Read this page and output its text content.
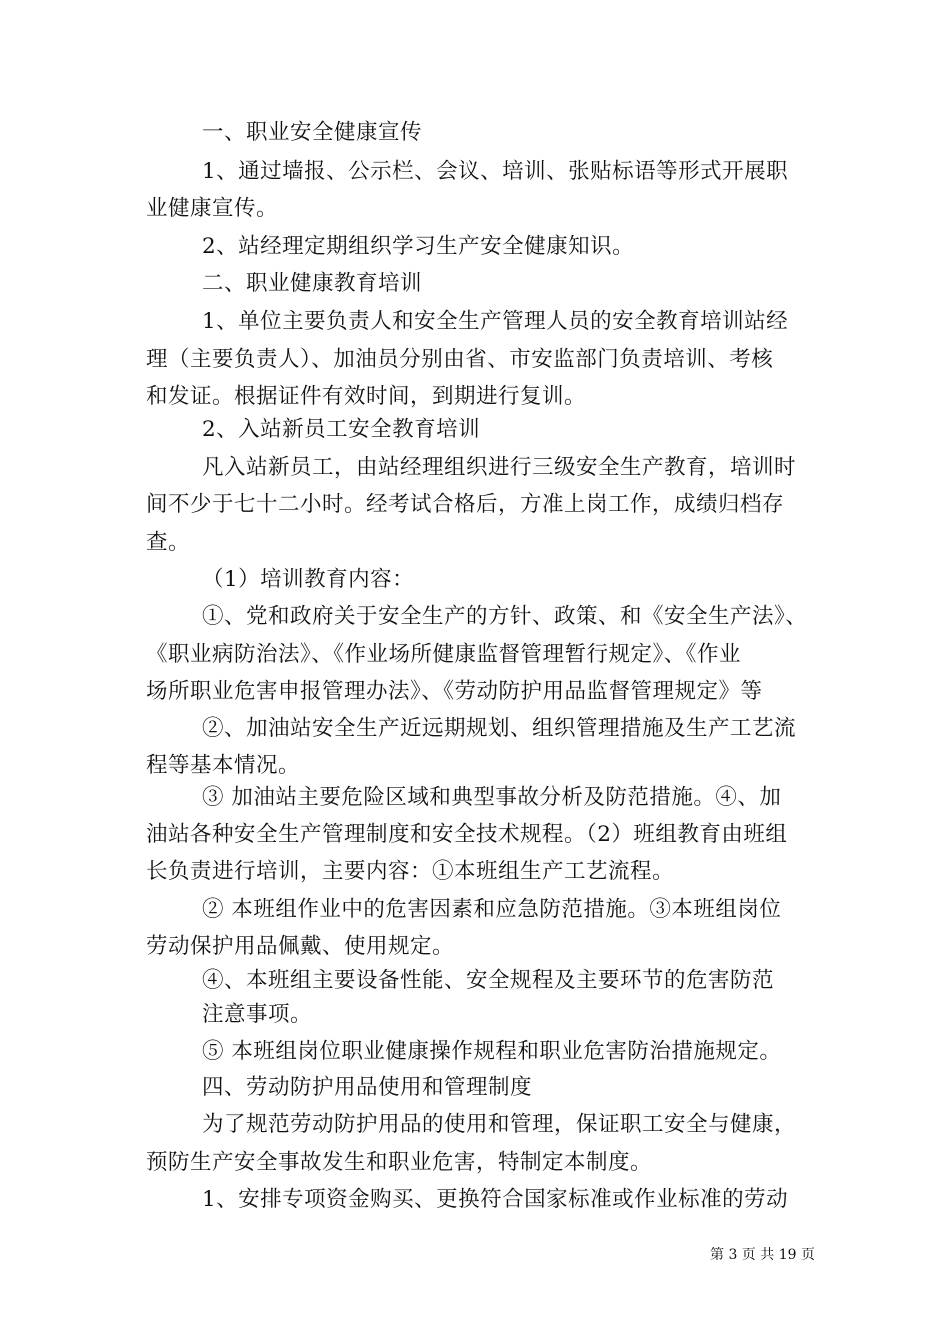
一、职业安全健康宣传
1、通过墙报、公示栏、会议、培训、张贴标语等形式开展职
业健康宣传。
2、站经理定期组织学习生产安全健康知识。
二、职业健康教育培训
1、单位主要负责人和安全生产管理人员的安全教育培训站经
理（主要负责人）、加油员分别由省、市安监部门负责培训、考核
和发证。根据证件有效时间，到期进行复训。
2、入站新员工安全教育培训
凡入站新员工，由站经理组织进行三级安全生产教育，培训时
间不少于七十二小时。经考试合格后，方准上岗工作，成绩归档存
查。
（1）培训教育内容：
①、党和政府关于安全生产的方针、政策、和《安全生产法》、
《职业病防治法》、《作业场所健康监督管理暂行规定》、《作业
场所职业危害申报管理办法》、《劳动防护用品监督管理规定》等
②、加油站安全生产近远期规划、组织管理措施及生产工艺流
程等基本情况。
③ 加油站主要危险区域和典型事故分析及防范措施。④、加
油站各种安全生产管理制度和安全技术规程。（2）班组教育由班组
长负责进行培训，主要内容：①本班组生产工艺流程。
② 本班组作业中的危害因素和应急防范措施。③本班组岗位
劳动保护用品佩戴、使用规定。
④、本班组主要设备性能、安全规程及主要环节的危害防范
注意事项。
⑤ 本班组岗位职业健康操作规程和职业危害防治措施规定。
四、劳动防护用品使用和管理制度
为了规范劳动防护用品的使用和管理，保证职工安全与健康，
预防生产安全事故发生和职业危害，特制定本制度。
1、安排专项资金购买、更换符合国家标准或作业标准的劳动
第 3 页 共 19 页
